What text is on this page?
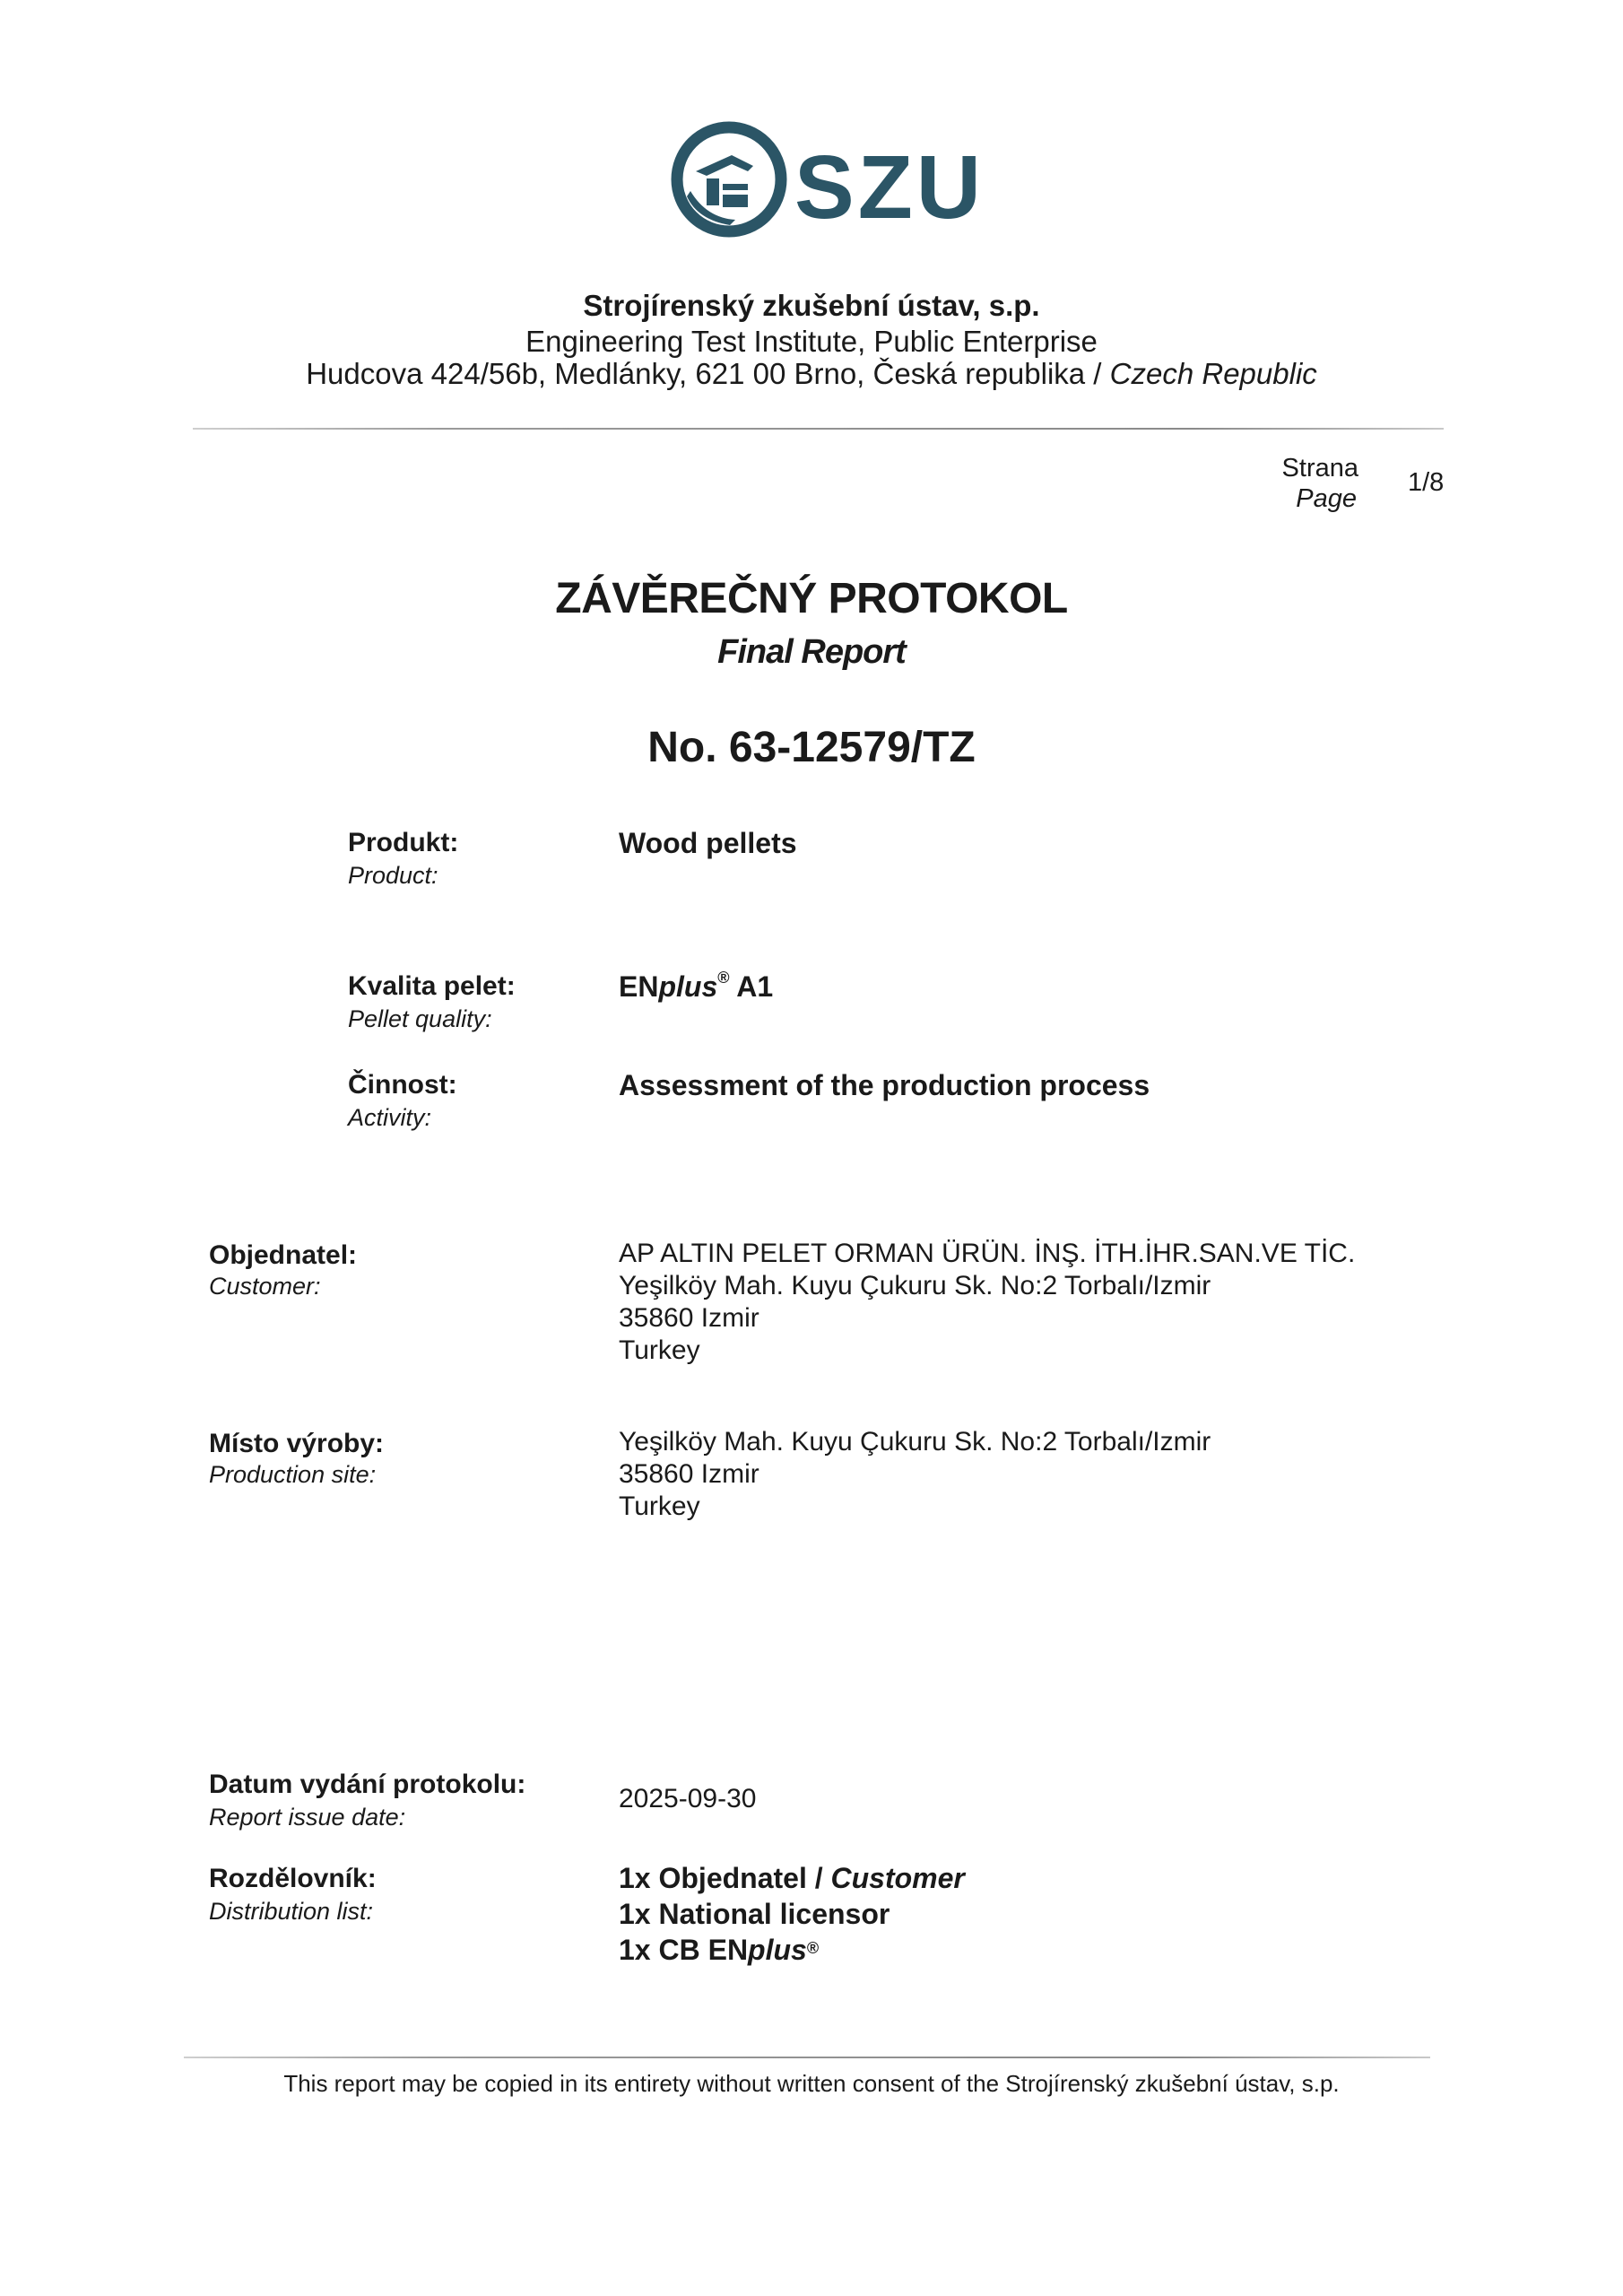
SZU
Strojírenský zkušební ústav, s.p.
Engineering Test Institute, Public Enterprise
Hudcova 424/56b, Medlánky, 621 00 Brno, Česká republika / Czech Republic
Strana
Page
1/8
ZÁVĚREČNÝ PROTOKOL
Final Report
No. 63-12579/TZ
Produkt:
Product:
Wood pellets
Kvalita pelet:
Pellet quality:
ENplus® A1
Činnost:
Activity:
Assessment of the production process
Objednatel:
Customer:
AP ALTIN PELET ORMAN ÜRÜN. İNŞ. İTH.İHR.SAN.VE TİC.
Yeşilköy Mah. Kuyu Çukuru Sk. No:2 Torbalı/Izmir
35860 Izmir
Turkey
Místo výroby:
Production site:
Yeşilköy Mah. Kuyu Çukuru Sk. No:2 Torbalı/Izmir
35860 Izmir
Turkey
Datum vydání protokolu:
Report issue date:
2025-09-30
Rozdělovník:
Distribution list:
1x Objednatel / Customer
1x National licensor
1x CB ENplus®
This report may be copied in its entirety without written consent of the Strojírenský zkušební ústav, s.p.
